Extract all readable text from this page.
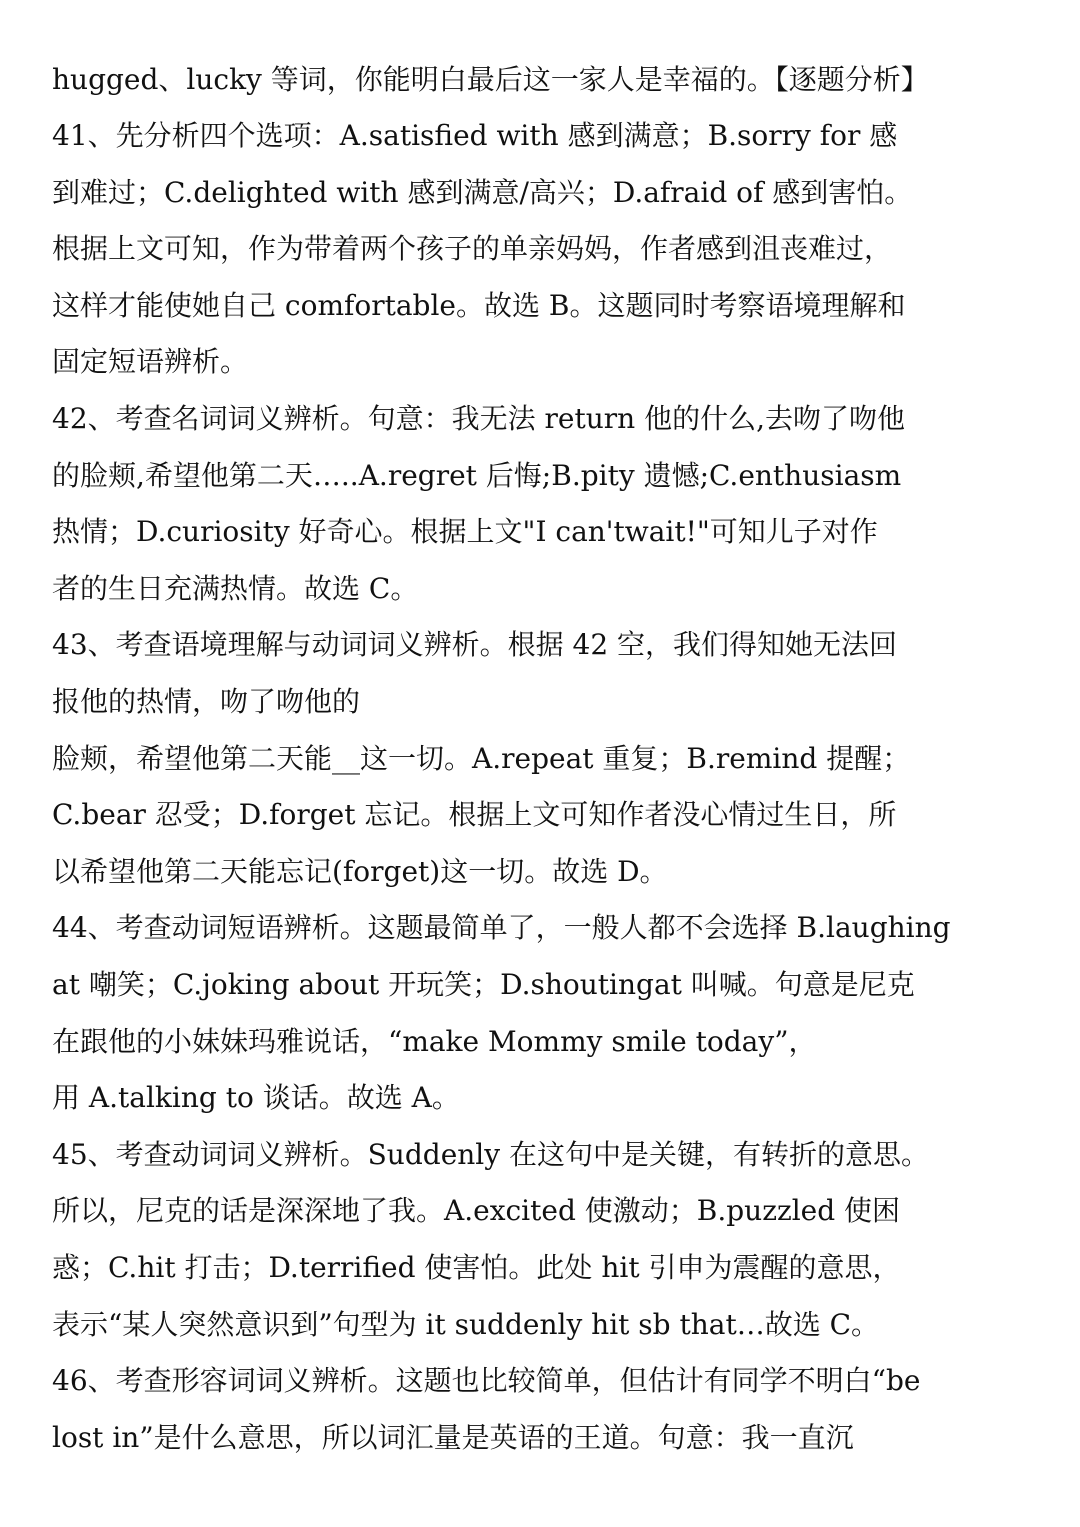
hugged、lucky 等词，你能明白最后这一家人是幸福的。【逐题分析】
41、先分析四个选项：A.satisfied with 感到满意；B.sorry for 感
到难过；C.delighted with 感到满意/高兴；D.afraid of 感到害怕。
根据上文可知，作为带着两个孩子的单亲妈妈，作者感到沮丧难过，
这样才能使她自己 comfortable。故选 B。这题同时考察语境理解和
固定短语辨析。
42、考查名词词义辨析。句意：我无法 return 他的什么,去吻了吻他
的脸颊,希望他第二天…..A.regret 后悔;B.pity 遗憾;C.enthusiasm
热情；D.curiosity 好奇心。根据上文"I can'twait!"可知儿子对作
者的生日充满热情。故选 C。
43、考查语境理解与动词词义辨析。根据 42 空，我们得知她无法回
报他的热情，吻了吻他的
脸颊，希望他第二天能__这一切。A.repeat 重复；B.remind 提醒；
C.bear 忍受；D.forget 忘记。根据上文可知作者没心情过生日，所
以希望他第二天能忘记(forget)这一切。故选 D。
44、考查动词短语辨析。这题最简单了，一般人都不会选择 B.laughing
at 嘲笑；C.joking about 开玩笑；D.shoutingat 叫喊。句意是尼克
在跟他的小妹妹玛雅说话，“make Mommy smile today”，
用 A.talking to 谈话。故选 A。
45、考查动词词义辨析。Suddenly 在这句中是关键，有转折的意思。
所以，尼克的话是深深地了我。A.excited 使激动；B.puzzled 使困
惑；C.hit 打击；D.terrified 使害怕。此处 hit 引申为震醒的意思，
表示“某人突然意识到”句型为 it suddenly hit sb that…故选 C。
46、考查形容词词义辨析。这题也比较简单，但估计有同学不明白“be
lost in”是什么意思，所以词汇量是英语的王道。句意：我一直沉
